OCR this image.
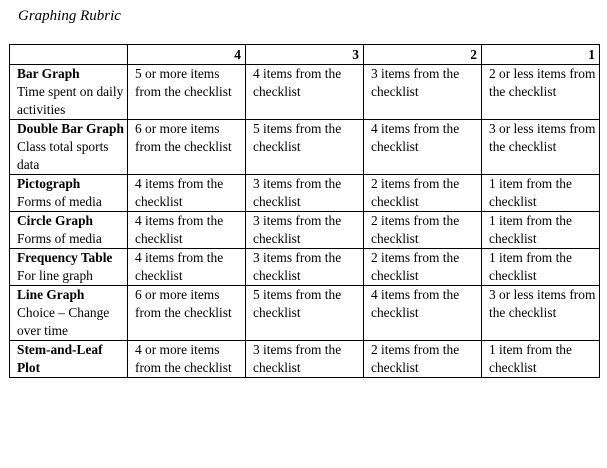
Graphing Rubric
	4	3	2	1

Bar Graph
Time spent on daily activities	5 or more items from the checklist	4 items from the checklist	3 items from the checklist	2 or less items from the checklist

Double Bar Graph
Class total sports data	6 or more items from the checklist	5 items from the checklist	4 items from the checklist	3 or less items from the checklist

Pictograph
Forms of media	4 items from the checklist	3 items from the checklist	2 items from the checklist	1 item from the checklist

Circle Graph
Forms of media	4 items from the checklist	3 items from the checklist	2 items from the checklist	1 item from the checklist

Frequency Table
For line graph	4 items from the checklist	3 items from the checklist	2 items from the checklist	1 item from the checklist

Line Graph
Choice – Change over time	6 or more items from the checklist	5 items from the checklist	4 items from the checklist	3 or less items from the checklist

Stem-and-Leaf Plot	4 or more items from the checklist	3 items from the checklist	2 items from the checklist	1 item from the checklist
